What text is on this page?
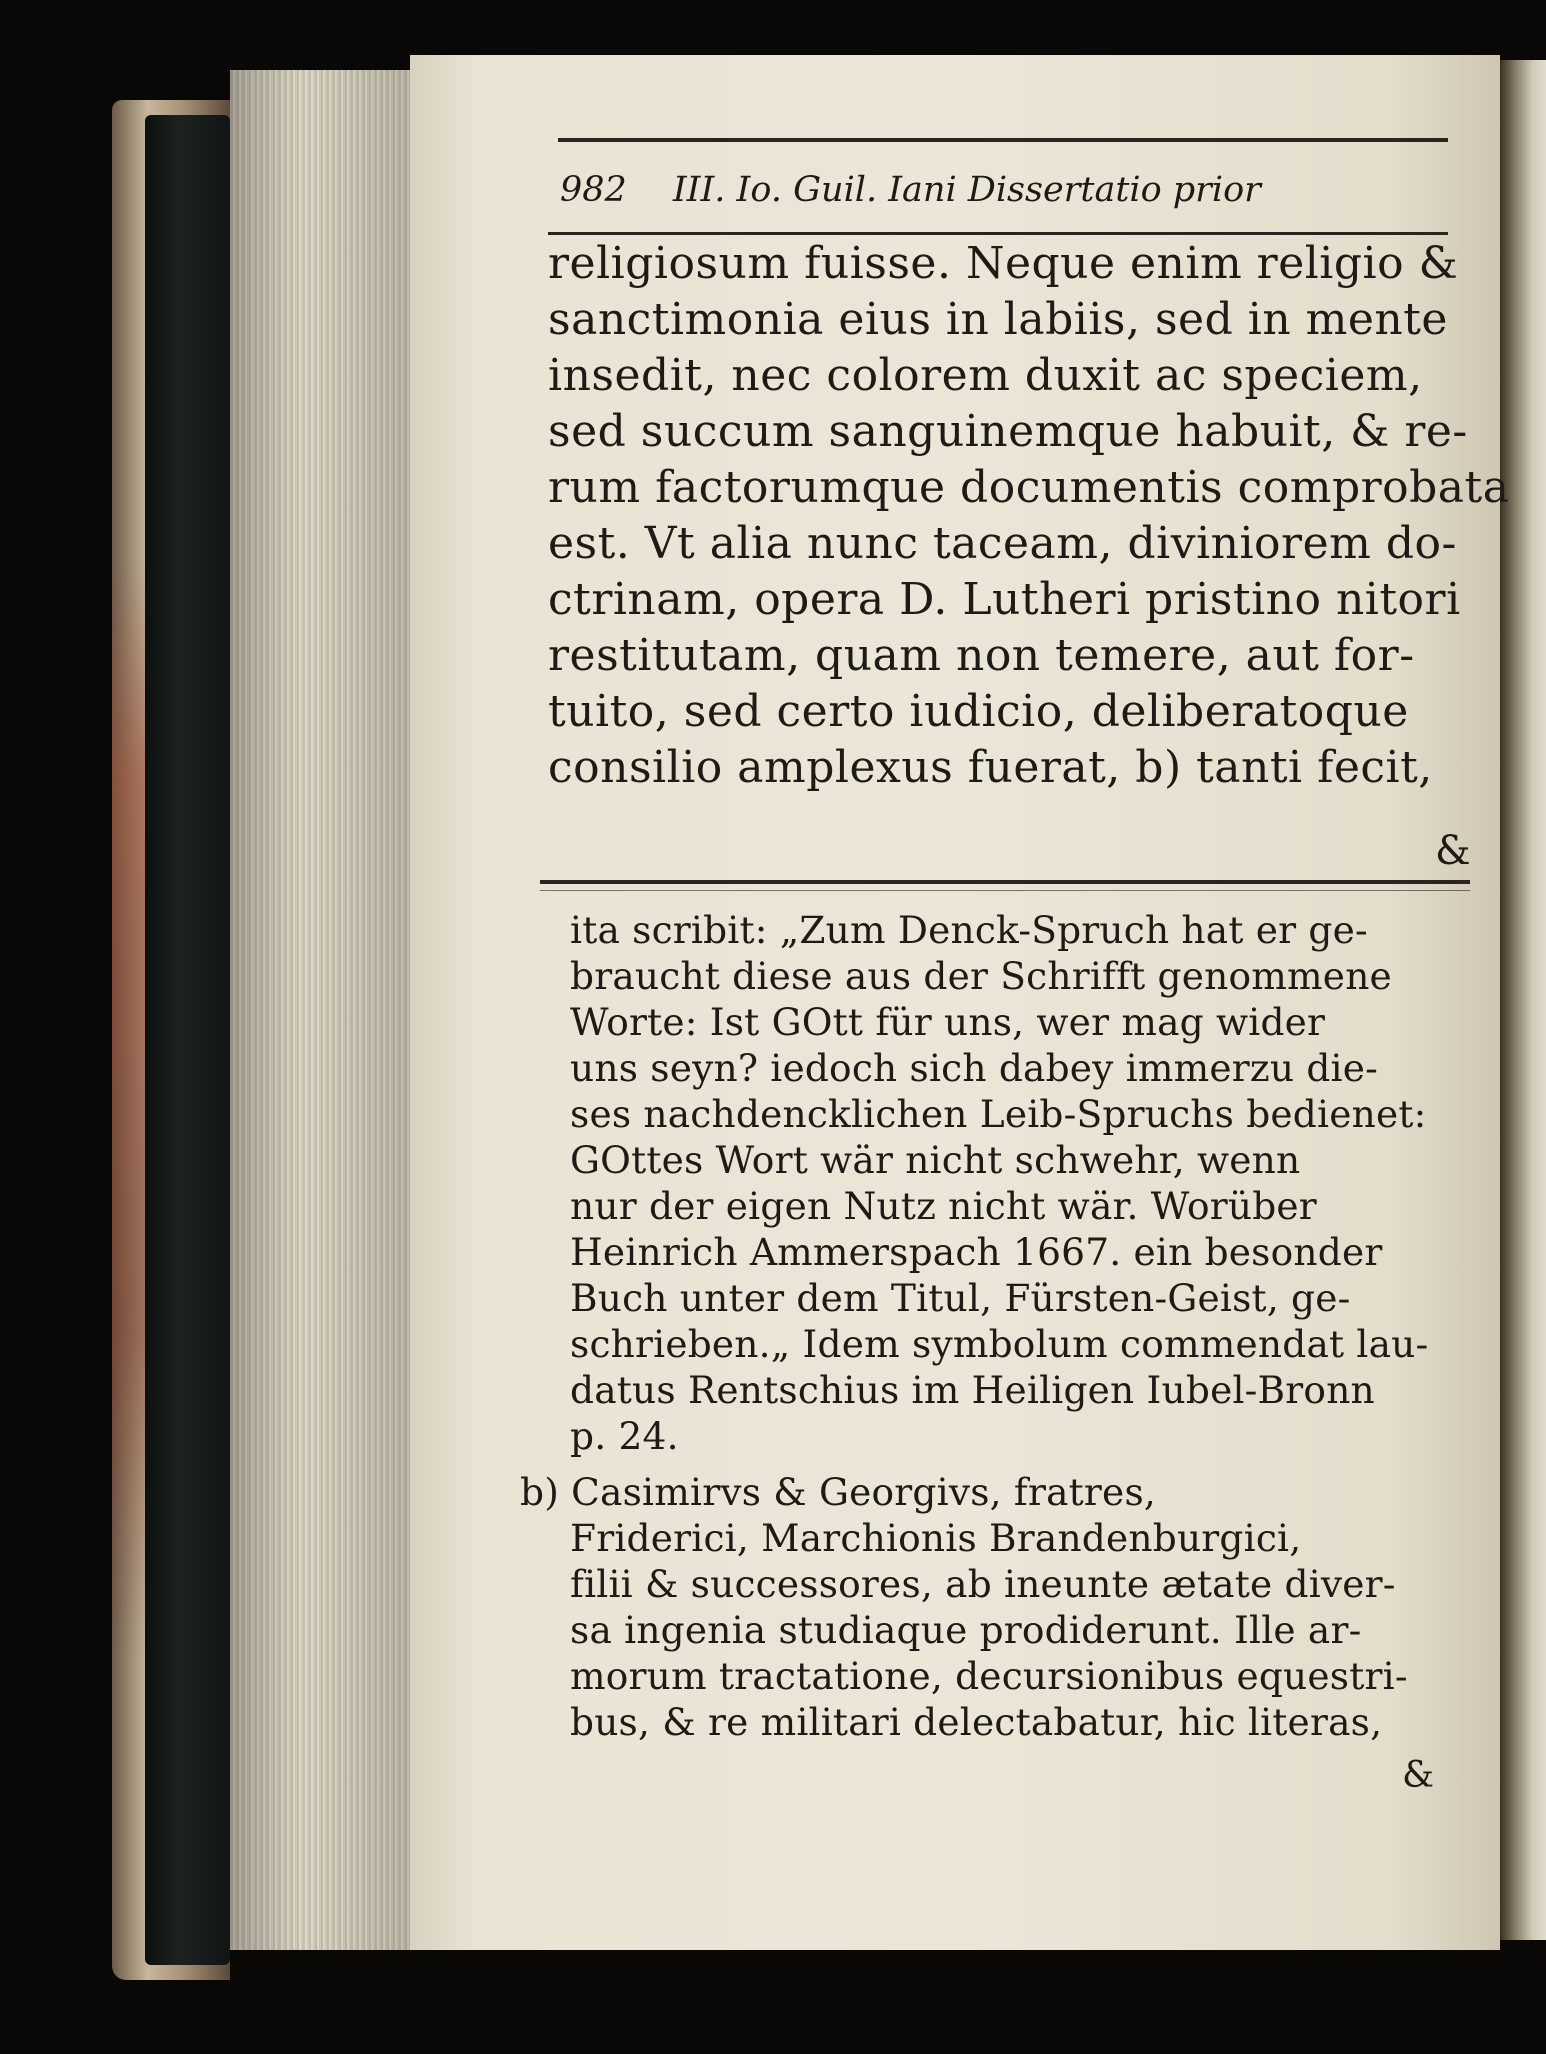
982 III. Io. Guil. Iani Dissertatio prior
religiosum fuisse. Neque enim religio &
sanctimonia eius in labiis, sed in mente
insedit, nec colorem duxit ac speciem,
sed succum sanguinemque habuit, & re-
rum factorumque documentis comprobata
est. Vt alia nunc taceam, diviniorem do-
ctrinam, opera D. Lutheri pristino nitori
restitutam, quam non temere, aut for-
tuito, sed certo iudicio, deliberatoque
consilio amplexus fuerat, b) tanti fecit,
&
ita scribit: „Zum Denck-Spruch hat er ge-
braucht diese aus der Schrifft genommene
Worte: Ist GOtt für uns, wer mag wider
uns seyn? iedoch sich dabey immerzu die-
ses nachdencklichen Leib-Spruchs bedienet:
GOttes Wort wär nicht schwehr, wenn
nur der eigen Nutz nicht wär. Worüber
Heinrich Ammerspach 1667. ein besonder
Buch unter dem Titul, Fürsten-Geist, ge-
schrieben.„ Idem symbolum commendat lau-
datus Rentschius im Heiligen Iubel-Bronn
p. 24.
b) Casimirvs & Georgivs, fratres,
Friderici, Marchionis Brandenburgici,
filii & successores, ab ineunte ætate diver-
sa ingenia studiaque prodiderunt. Ille ar-
morum tractatione, decursionibus equestri-
bus, & re militari delectabatur, hic literas,
&
